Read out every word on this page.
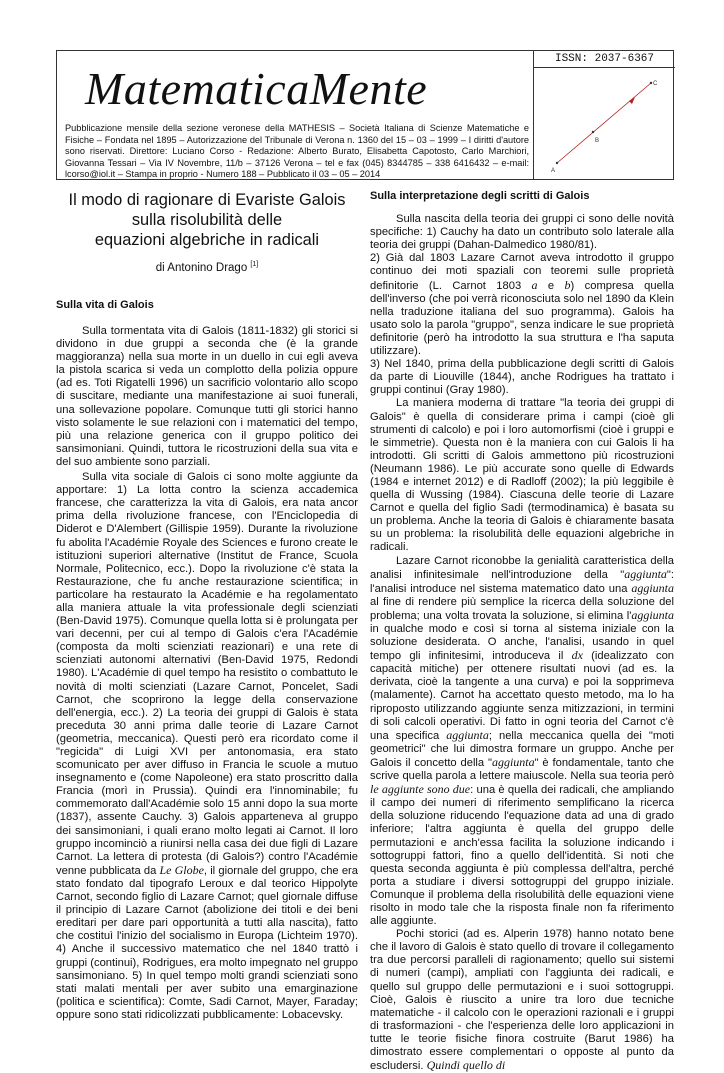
ISSN: 2037-6367
MatematicaMente

Pubblicazione mensile della sezione veronese della MATHESIS – Società Italiana di Scienze Matematiche e Fisiche – Fondata nel 1895 – Autorizzazione del Tribunale di Verona n. 1360 del 15 – 03 – 1999 – I diritti d'autore sono riservati. Direttore: Luciano Corso - Redazione: Alberto Burato, Elisabetta Capotosto, Carlo Marchiori, Giovanna Tessari – Via IV Novembre, 11/b – 37126 Verona – tel e fax (045) 8344785 – 338 6416432 – e-mail: lcorso@iol.it – Stampa in proprio - Numero 188 – Pubblicato il 03 – 05 – 2014	A
B
C
Il modo di ragionare di Evariste Galois
sulla risolubilità delle
equazioni algebriche in radicali
di Antonino Drago [1]
Sulla vita di Galois

Sulla tormentata vita di Galois (1811-1832) gli storici si dividono in due gruppi a seconda che (è la grande maggioranza) nella sua morte in un duello in cui egli aveva la pistola scarica si veda un complotto della polizia oppure (ad es. Toti Rigatelli 1996) un sacrificio volontario allo scopo di suscitare, mediante una manifestazione ai suoi funerali, una sollevazione popolare. Comunque tutti gli storici hanno visto solamente le sue relazioni con i matematici del tempo, più una relazione generica con il gruppo politico dei sansimoniani. Quindi, tuttora le ricostruzioni della sua vita e del suo ambiente sono parziali.

Sulla vita sociale di Galois ci sono molte aggiunte da apportare: 1) La lotta contro la scienza accademica francese, che caratterizza la vita di Galois, era nata ancor prima della rivoluzione francese, con l'Enciclopedia di Diderot e D'Alembert (Gillispie 1959). Durante la rivoluzione fu abolita l'Académie Royale des Sciences e furono create le istituzioni superiori alternative (Institut de France, Scuola Normale, Politecnico, ecc.). Dopo la rivoluzione c'è stata la Restaurazione, che fu anche restaurazione scientifica; in particolare ha restaurato la Académie e ha regolamentato alla maniera attuale la vita professionale degli scienziati (Ben-David 1975). Comunque quella lotta si è prolungata per vari decenni, per cui al tempo di Galois c'era l'Académie (composta da molti scienziati reazionari) e una rete di scienziati autonomi alternativi (Ben-David 1975, Redondi 1980). L'Académie di quel tempo ha resistito o combattuto le novità di molti scienziati (Lazare Carnot, Poncelet, Sadi Carnot, che scoprirono la legge della conservazione dell'energia, ecc.). 2) La teoria dei gruppi di Galois è stata preceduta 30 anni prima dalle teorie di Lazare Carnot (geometria, meccanica). Questi però era ricordato come il "regicida" di Luigi XVI per antonomasia, era stato scomunicato per aver diffuso in Francia le scuole a mutuo insegnamento e (come Napoleone) era stato proscritto dalla Francia (morì in Prussia). Quindi era l'innominabile; fu commemorato dall'Académie solo 15 anni dopo la sua morte (1837), assente Cauchy. 3) Galois apparteneva al gruppo dei sansimoniani, i quali erano molto legati ai Carnot. Il loro gruppo incominciò a riunirsi nella casa dei due figli di Lazare Carnot. La lettera di protesta (di Galois?) contro l'Académie venne pubblicata da Le Globe, il giornale del gruppo, che era stato fondato dal tipografo Leroux e dal teorico Hippolyte Carnot, secondo figlio di Lazare Carnot; quel giornale diffuse il principio di Lazare Carnot (abolizione dei titoli e dei beni ereditari per dare pari opportunità a tutti alla nascita), fatto che costituì l'inizio del socialismo in Europa (Lichteim 1970). 4) Anche il successivo matematico che nel 1840 trattò i gruppi (continui), Rodrigues, era molto impegnato nel gruppo sansimoniano. 5) In quel tempo molti grandi scienziati sono stati malati mentali per aver subito una emarginazione (politica e scientifica): Comte, Sadi Carnot, Mayer, Faraday; oppure sono stati ridicolizzati pubblicamente: Lobacevsky.

Sulla interpretazione degli scritti di Galois

Sulla nascita della teoria dei gruppi ci sono delle novità specifiche: 1) Cauchy ha dato un contributo solo laterale alla teoria dei gruppi (Dahan-Dalmedico 1980/81).

2) Già dal 1803 Lazare Carnot aveva introdotto il gruppo continuo dei moti spaziali con teoremi sulle proprietà definitorie (L. Carnot 1803 a e b) compresa quella dell'inverso (che poi verrà riconosciuta solo nel 1890 da Klein nella traduzione italiana del suo programma). Galois ha usato solo la parola "gruppo", senza indicare le sue proprietà definitorie (però ha introdotto la sua struttura e l'ha saputa utilizzare).

3) Nel 1840, prima della pubblicazione degli scritti di Galois da parte di Liouville (1844), anche Rodrigues ha trattato i gruppi continui (Gray 1980).

La maniera moderna di trattare "la teoria dei gruppi di Galois" è quella di considerare prima i campi (cioè gli strumenti di calcolo) e poi i loro automorfismi (cioè i gruppi e le simmetrie). Questa non è la maniera con cui Galois li ha introdotti. Gli scritti di Galois ammettono più ricostruzioni (Neumann 1986). Le più accurate sono quelle di Edwards (1984 e internet 2012) e di Radloff (2002); la più leggibile è quella di Wussing (1984). Ciascuna delle teorie di Lazare Carnot e quella del figlio Sadi (termodinamica) è basata su un problema. Anche la teoria di Galois è chiaramente basata su un problema: la risolubilità delle equazioni algebriche in radicali.

Lazare Carnot riconobbe la genialità caratteristica della analisi infinitesimale nell'introduzione della "aggiunta": l'analisi introduce nel sistema matematico dato una aggiunta al fine di rendere più semplice la ricerca della soluzione del problema; una volta trovata la soluzione, si elimina l'aggiunta in qualche modo e così si torna al sistema iniziale con la soluzione desiderata. O anche, l'analisi, usando in quel tempo gli infinitesimi, introduceva il dx (idealizzato con capacità mitiche) per ottenere risultati nuovi (ad es. la derivata, cioè la tangente a una curva) e poi la sopprimeva (malamente). Carnot ha accettato questo metodo, ma lo ha riproposto utilizzando aggiunte senza mitizzazioni, in termini di soli calcoli operativi. Di fatto in ogni teoria del Carnot c'è una specifica aggiunta; nella meccanica quella dei "moti geometrici" che lui dimostra formare un gruppo. Anche per Galois il concetto della "aggiunta" è fondamentale, tanto che scrive quella parola a lettere maiuscole. Nella sua teoria però le aggiunte sono due: una è quella dei radicali, che ampliando il campo dei numeri di riferimento semplificano la ricerca della soluzione riducendo l'equazione data ad una di grado inferiore; l'altra aggiunta è quella del gruppo delle permutazioni e anch'essa facilita la soluzione indicando i sottogruppi fattori, fino a quello dell'identità. Si noti che questa seconda aggiunta è più complessa dell'altra, perché porta a studiare i diversi sottogruppi del gruppo iniziale. Comunque il problema della risolubilità delle equazioni viene risolto in modo tale che la risposta finale non fa riferimento alle aggiunte.

Pochi storici (ad es. Alperin 1978) hanno notato bene che il lavoro di Galois è stato quello di trovare il collegamento tra due percorsi paralleli di ragionamento; quello sui sistemi di numeri (campi), ampliati con l'aggiunta dei radicali, e quello sul gruppo delle permutazioni e i suoi sottogruppi. Cioè, Galois è riuscito a unire tra loro due tecniche matematiche - il calcolo con le operazioni razionali e i gruppi di trasformazioni - che l'esperienza delle loro applicazioni in tutte le teorie fisiche finora costruite (Barut 1986) ha dimostrato essere complementari o opposte al punto da escludersi. Quindi quello di
